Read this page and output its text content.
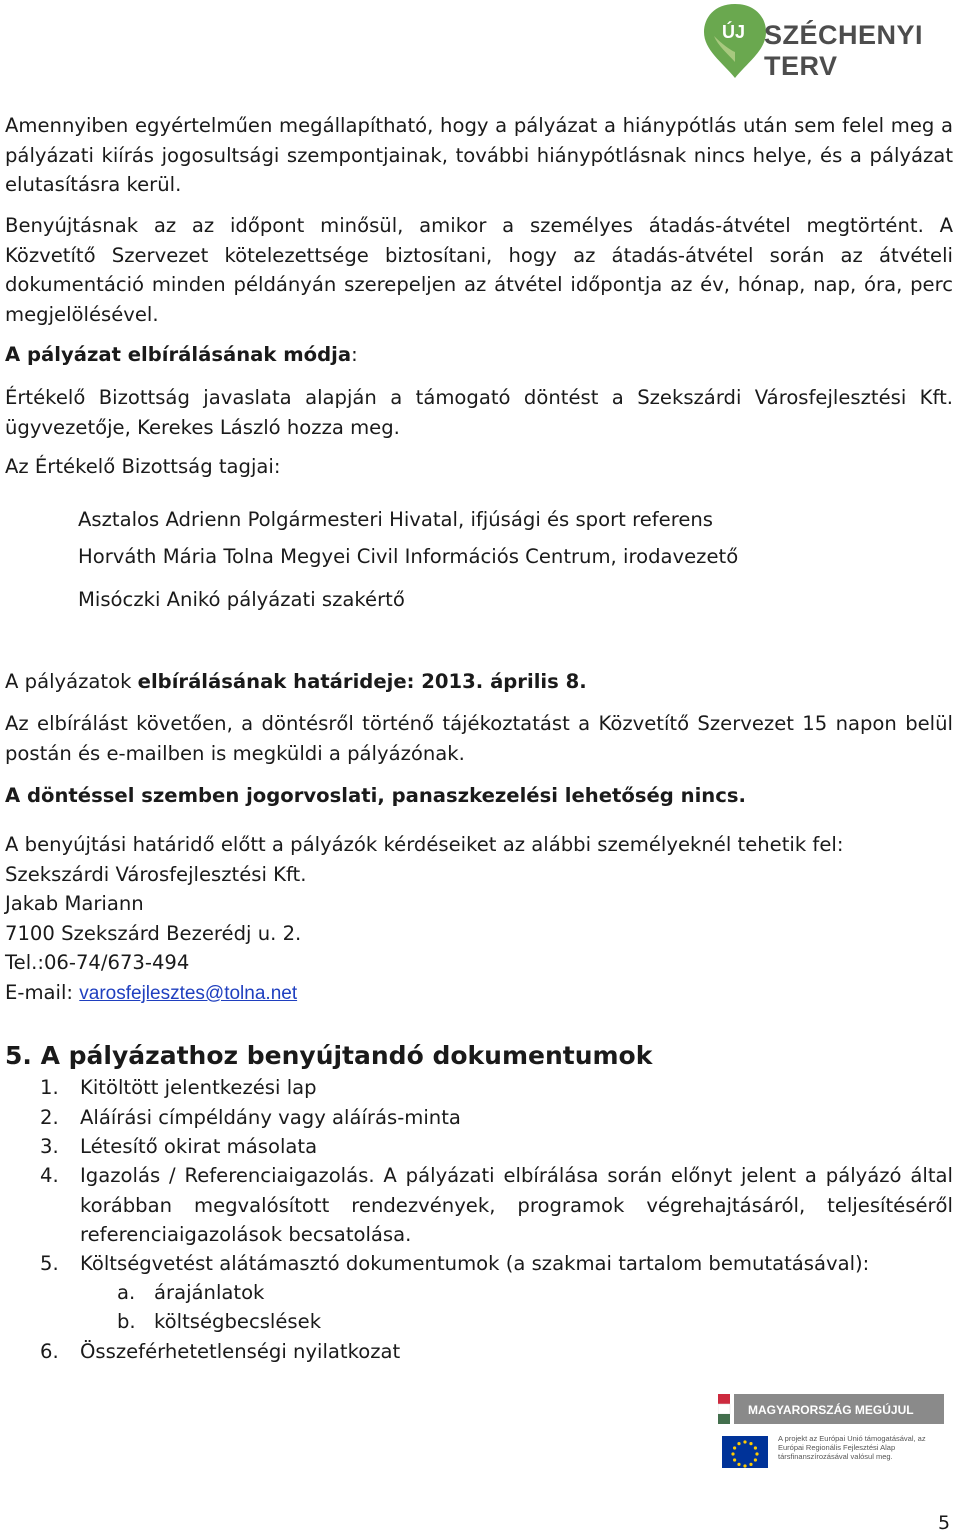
ÚJ SZÉCHENYI TERV

Amennyiben egyértelműen megállapítható, hogy a pályázat a hiánypótlás után sem felel meg a pályázati kiírás jogosultsági szempontjainak, további hiánypótlásnak nincs helye, és a pályázat elutasításra kerül.

Benyújtásnak az az időpont minősül, amikor a személyes átadás-átvétel megtörtént. A Közvetítő Szervezet kötelezettsége biztosítani, hogy az átadás-átvétel során az átvételi dokumentáció minden példányán szerepeljen az átvétel időpontja az év, hónap, nap, óra, perc megjelölésével.

A pályázat elbírálásának módja:

Értékelő Bizottság javaslata alapján a támogató döntést a Szekszárdi Városfejlesztési Kft. ügyvezetője, Kerekes László hozza meg.

Az Értékelő Bizottság tagjai:

Asztalos Adrienn Polgármesteri Hivatal, ifjúsági és sport referens

Horváth Mária Tolna Megyei Civil Információs Centrum, irodavezető

Misóczki Anikó pályázati szakértő

A pályázatok elbírálásának határideje: 2013. április 8.

Az elbírálást követően, a döntésről történő tájékoztatást a Közvetítő Szervezet 15 napon belül postán és e-mailben is megküldi a pályázónak.

A döntéssel szemben jogorvoslati, panaszkezelési lehetőség nincs.

A benyújtási határidő előtt a pályázók kérdéseiket az alábbi személyeknél tehetik fel:

Szekszárdi Városfejlesztési Kft.

Jakab Mariann

7100 Szekszárd Bezerédj u. 2.

Tel.:06-74/673-494

E-mail: varosfejlesztes@tolna.net

5. A pályázathoz benyújtandó dokumentumok
1. Kitöltött jelentkezési lap
2. Aláírási címpéldány vagy aláírás-minta
3. Létesítő okirat másolata
4. Igazolás / Referenciaigazolás. A pályázati elbírálása során előnyt jelent a pályázó által korábban megvalósított rendezvények, programok végrehajtásáról, teljesítéséről referenciaigazolások becsatolása.
5. Költségvetést alátámasztó dokumentumok (a szakmai tartalom bemutatásával):
a. árajánlatok
b. költségbecslések
6. Összeférhetetlenségi nyilatkozat
MAGYARORSZÁG MEGÚJUL
A projekt az Európai Unió támogatásával, az Európai Regionális Fejlesztési Alap társfinanszírozásával valósul meg.
5
